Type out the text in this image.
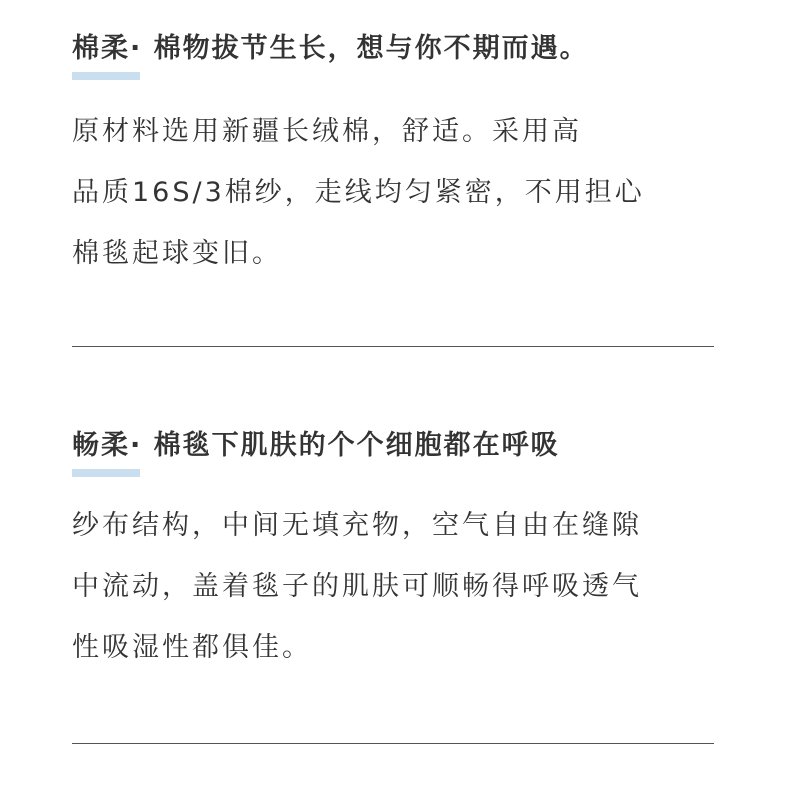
棉柔· 棉物拔节生长，想与你不期而遇。
原材料选用新疆长绒棉，舒适。采用高
品质16S/3棉纱，走线均匀紧密，不用担心
棉毯起球变旧。
畅柔· 棉毯下肌肤的个个细胞都在呼吸
纱布结构，中间无填充物，空气自由在缝隙
中流动，盖着毯子的肌肤可顺畅得呼吸透气
性吸湿性都俱佳。
